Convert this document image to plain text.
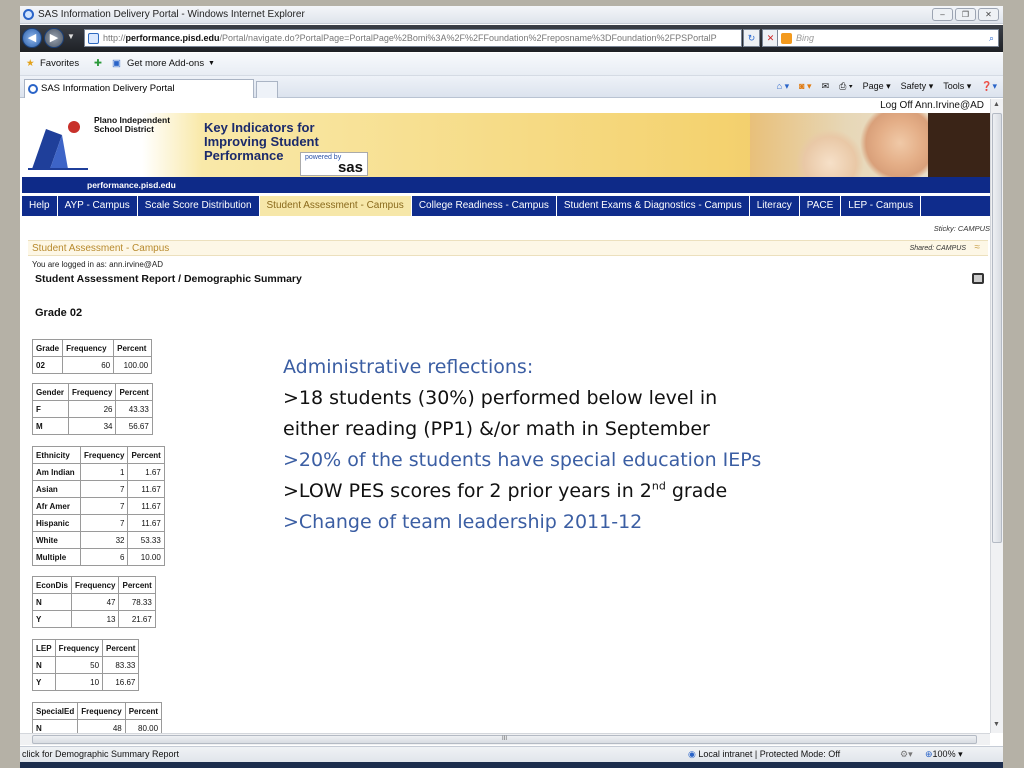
SAS Information Delivery Portal - Windows Internet Explorer	–	❐	✕
◀	▶	▼	http://performance.pisd.edu/Portal/navigate.do?PortalPage=PortalPage%2Bomi%3A%2F%2FFoundation%2Freposname%3DFoundation%2FPSPortalP	↻	✕	Bing	⌕
★ Favorites ✚ ▣ Get more Add-ons ▼
SAS Information Delivery Portal	⌂ ▾ ◙ ▾ ✉ ⎙ ▾ Page ▾ Safety ▾ Tools ▾ ❓▾
Log Off Ann.Irvine@AD
Plano Independent
School District	Key Indicators for
Improving Student
Performance	powered by
sas
performance.pisd.edu
Help	AYP - Campus	Scale Score Distribution	Student Assessment - Campus	College Readiness - Campus	Student Exams & Diagnostics - Campus	Literacy	PACE	LEP - Campus
Sticky: CAMPUS
Student Assessment - Campus	Shared: CAMPUS ≈
You are logged in as: ann.irvine@AD
Student Assessment Report / Demographic Summary
Grade 02
Grade	Frequency	Percent
02	60	100.00
Gender	Frequency	Percent
F	26	43.33
M	34	56.67
Ethnicity	Frequency	Percent
Am Indian	1	1.67
Asian	7	11.67
Afr Amer	7	11.67
Hispanic	7	11.67
White	32	53.33
Multiple	6	10.00
EconDis	Frequency	Percent
N	47	78.33
Y	13	21.67
LEP	Frequency	Percent
N	50	83.33
Y	10	16.67
SpecialEd	Frequency	Percent
N	48	80.00
Administrative reflections:
>18 students (30%) performed below level in
either reading (PP1) &/or math in September
>20% of the students have special education IEPs
>LOW PES scores for 2 prior years in 2nd grade
>Change of team leadership 2011-12
▲
▼
III
click for Demographic Summary Report	◉ Local intranet | Protected Mode: Off	⚙▾ ⊕100% ▾
